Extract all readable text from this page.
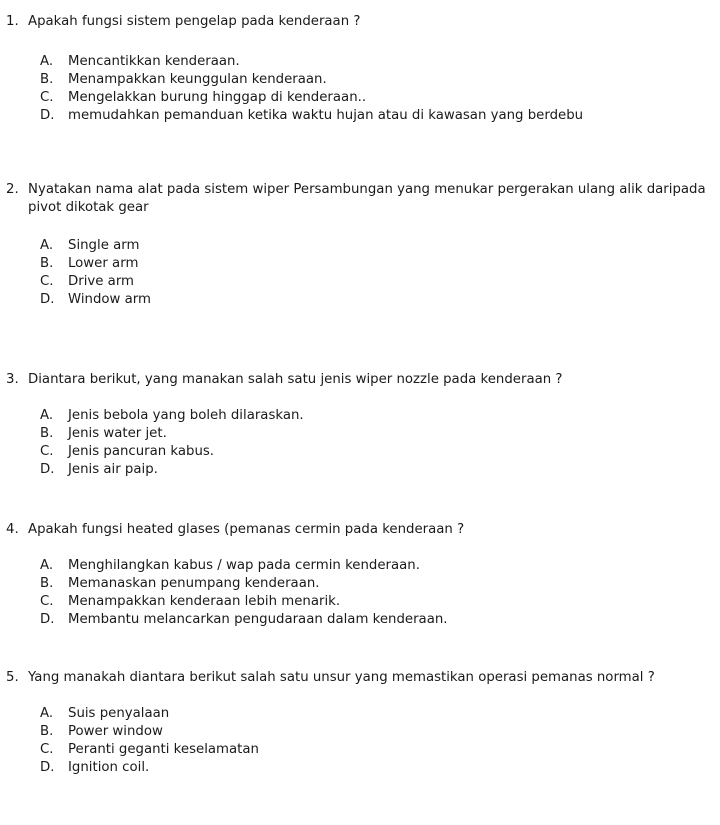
1. Apakah fungsi sistem pengelap pada kenderaan ?
A. Mencantikkan kenderaan.
B. Menampakkan keunggulan kenderaan.
C. Mengelakkan burung hinggap di kenderaan..
D. memudahkan pemanduan ketika waktu hujan atau di kawasan yang berdebu
2. Nyatakan nama alat pada sistem wiper Persambungan yang menukar pergerakan ulang alik daripada pivot dikotak gear
A. Single arm
B. Lower arm
C. Drive arm
D. Window arm
3. Diantara berikut, yang manakan salah satu jenis wiper nozzle pada kenderaan ?
A. Jenis bebola yang boleh dilaraskan.
B. Jenis water jet.
C. Jenis pancuran kabus.
D. Jenis air paip.
4. Apakah fungsi heated glases (pemanas cermin pada kenderaan ?
A. Menghilangkan kabus / wap pada cermin kenderaan.
B. Memanaskan penumpang kenderaan.
C. Menampakkan kenderaan lebih menarik.
D. Membantu melancarkan pengudaraan dalam kenderaan.
5. Yang manakah diantara berikut salah satu unsur yang memastikan operasi pemanas normal ?
A. Suis penyalaan
B. Power window
C. Peranti geganti keselamatan
D. Ignition coil.
